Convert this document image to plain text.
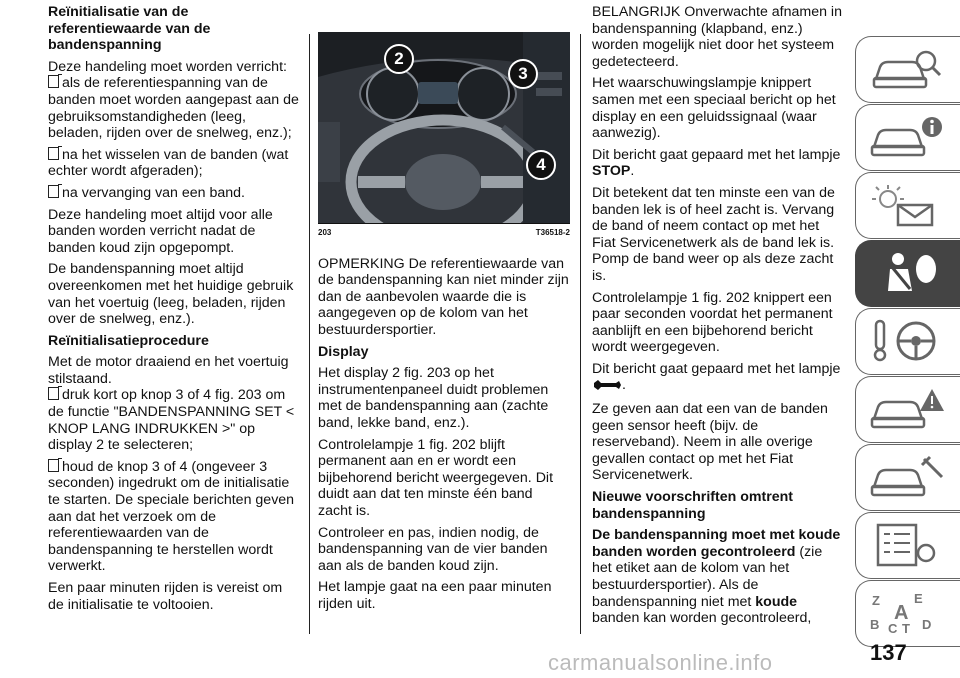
Reïnitialisatie van de referentiewaarde van de bandenspanning

Deze handeling moet worden verricht:

als de referentiespanning van de banden moet worden aangepast aan de gebruiksomstandigheden (leeg, beladen, rijden over de snelweg, enz.);

na het wisselen van de banden (wat echter wordt afgeraden);

na vervanging van een band.

Deze handeling moet altijd voor alle banden worden verricht nadat de banden koud zijn opgepompt.

De bandenspanning moet altijd overeenkomen met het huidige gebruik van het voertuig (leeg, beladen, rijden over de snelweg, enz.).

Reïnitialisatieprocedure

Met de motor draaiend en het voertuig stilstaand.

druk kort op knop 3 of 4 fig. 203 om de functie "BANDENSPANNING SET < KNOP LANG INDRUKKEN >" op display 2 te selecteren;

houd de knop 3 of 4 (ongeveer 3 seconden) ingedrukt om de initialisatie te starten. De speciale berichten geven aan dat het verzoek om de referentiewaarden van de bandenspanning te herstellen wordt verwerkt.

Een paar minuten rijden is vereist om de initialisatie te voltooien.

2
3
4
203	T36518-2

OPMERKING De referentiewaarde van de bandenspanning kan niet minder zijn dan de aanbevolen waarde die is aangegeven op de kolom van het bestuurdersportier.

Display

Het display 2 fig. 203 op het instrumentenpaneel duidt problemen met de bandenspanning aan (zachte band, lekke band, enz.).

Controlelampje 1 fig. 202 blijft permanent aan en er wordt een bijbehorend bericht weergegeven. Dit duidt aan dat ten minste één band zacht is.

Controleer en pas, indien nodig, de bandenspanning van de vier banden aan als de banden koud zijn.

Het lampje gaat na een paar minuten rijden uit.

BELANGRIJK Onverwachte afnamen in bandenspanning (klapband, enz.) worden mogelijk niet door het systeem gedetecteerd.

Het waarschuwingslampje knippert samen met een speciaal bericht op het display en een geluidssignaal (waar aanwezig).

Dit bericht gaat gepaard met het lampje STOP.

Dit betekent dat ten minste een van de banden lek is of heel zacht is. Vervang de band of neem contact op met het Fiat Servicenetwerk als de band lek is. Pomp de band weer op als deze zacht is.

Controlelampje 1 fig. 202 knippert een paar seconden voordat het permanent aanblijft en een bijbehorend bericht wordt weergegeven.

Dit bericht gaat gepaard met het lampje
.

Ze geven aan dat een van de banden geen sensor heeft (bijv. de reserveband). Neem in alle overige gevallen contact op met het Fiat Servicenetwerk.

Nieuwe voorschriften omtrent bandenspanning

De bandenspanning moet met koude banden worden gecontroleerd (zie het etiket aan de kolom van het bestuurdersportier). Als de bandenspanning niet met koude banden kan worden gecontroleerd,

Z	E
B C T D
A
137
carmanualsonline.info
